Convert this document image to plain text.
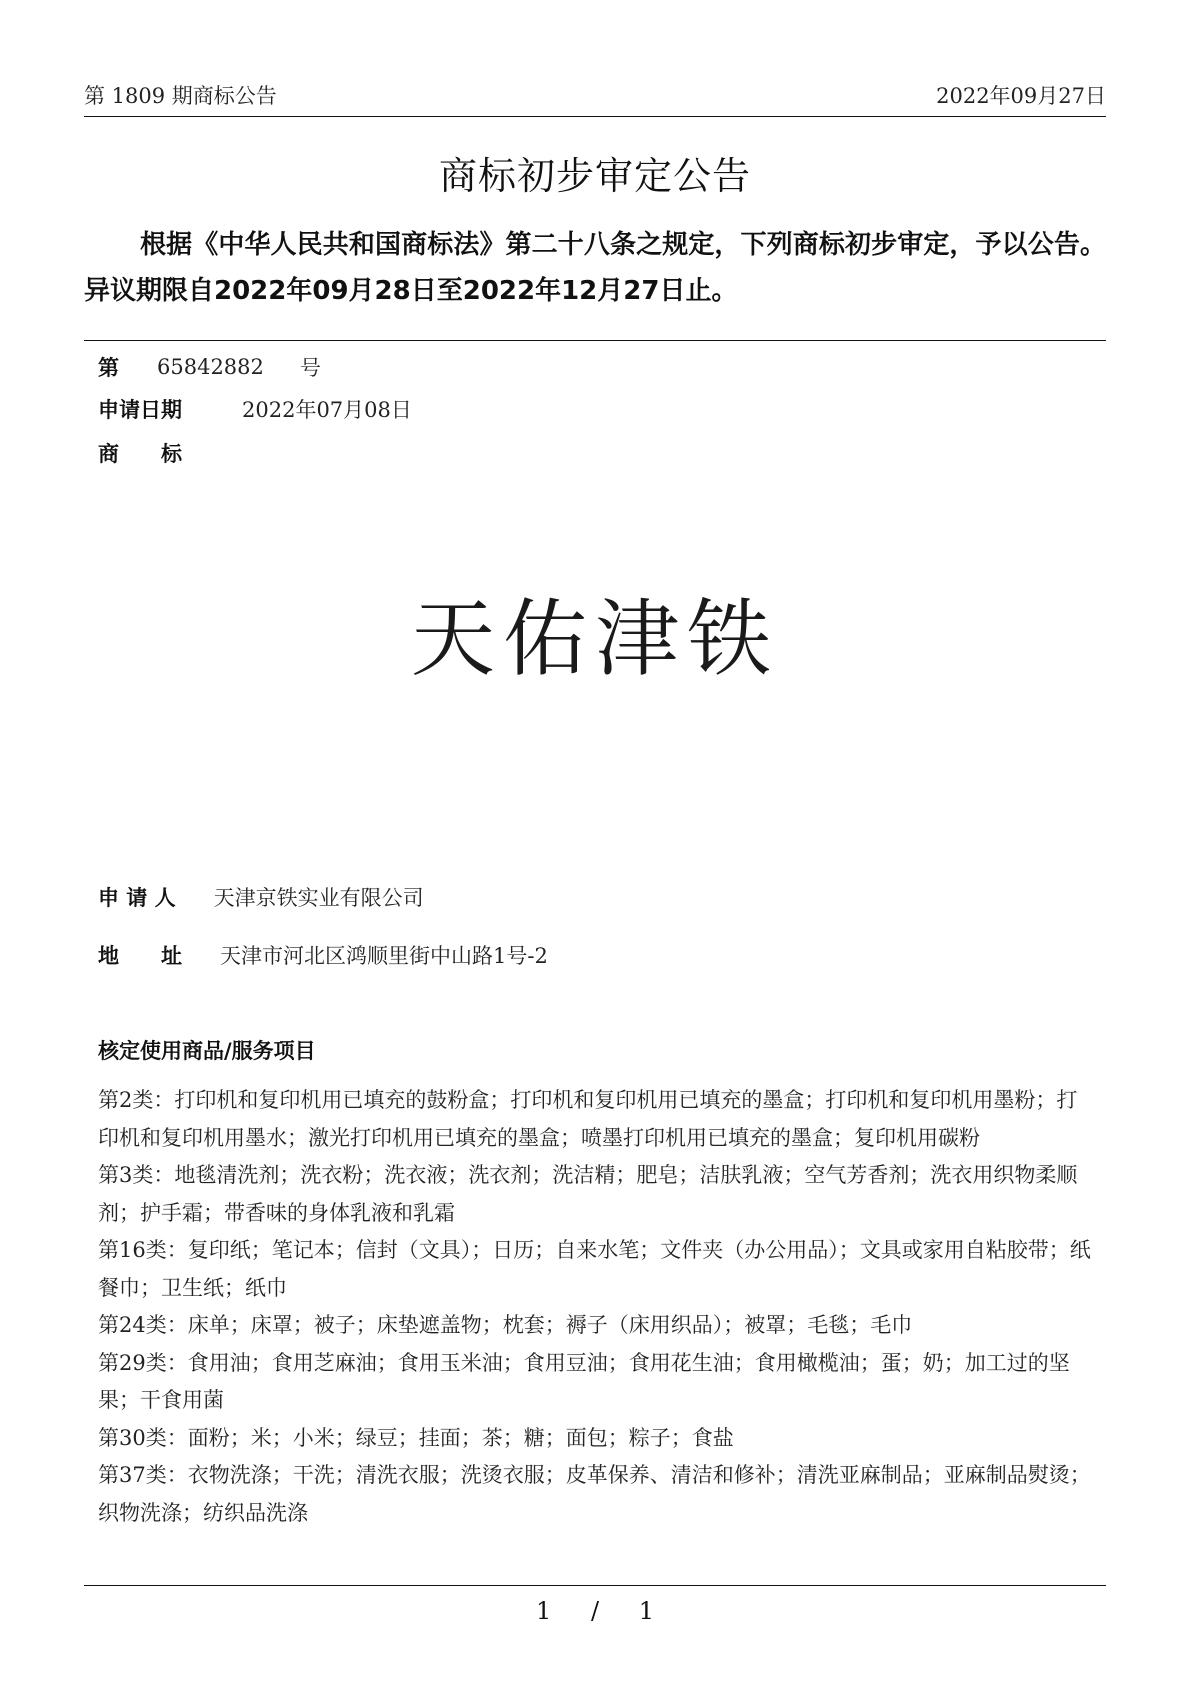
第 1809 期商标公告	2022年09月27日
商标初步审定公告
根据《中华人民共和国商标法》第二十八条之规定，下列商标初步审定，予以公告。异议期限自2022年09月28日至2022年12月27日止。
第 65842882 号
申请日期	2022年07月08日
商　　标
天佑津铁
申 请 人 天津京铁实业有限公司
地　　址 天津市河北区鸿顺里街中山路1号-2
核定使用商品/服务项目

第2类：打印机和复印机用已填充的鼓粉盒；打印机和复印机用已填充的墨盒；打印机和复印机用墨粉；打印机和复印机用墨水；激光打印机用已填充的墨盒；喷墨打印机用已填充的墨盒；复印机用碳粉

第3类：地毯清洗剂；洗衣粉；洗衣液；洗衣剂；洗洁精；肥皂；洁肤乳液；空气芳香剂；洗衣用织物柔顺剂；护手霜；带香味的身体乳液和乳霜

第16类：复印纸；笔记本；信封（文具）；日历；自来水笔；文件夹（办公用品）；文具或家用自粘胶带；纸餐巾；卫生纸；纸巾

第24类：床单；床罩；被子；床垫遮盖物；枕套；褥子（床用织品）；被罩；毛毯；毛巾

第29类：食用油；食用芝麻油；食用玉米油；食用豆油；食用花生油；食用橄榄油；蛋；奶；加工过的坚果；干食用菌

第30类：面粉；米；小米；绿豆；挂面；茶；糖；面包；粽子；食盐

第37类：衣物洗涤；干洗；清洗衣服；洗烫衣服；皮革保养、清洁和修补；清洗亚麻制品；亚麻制品熨烫；织物洗涤；纺织品洗涤

1 / 1
